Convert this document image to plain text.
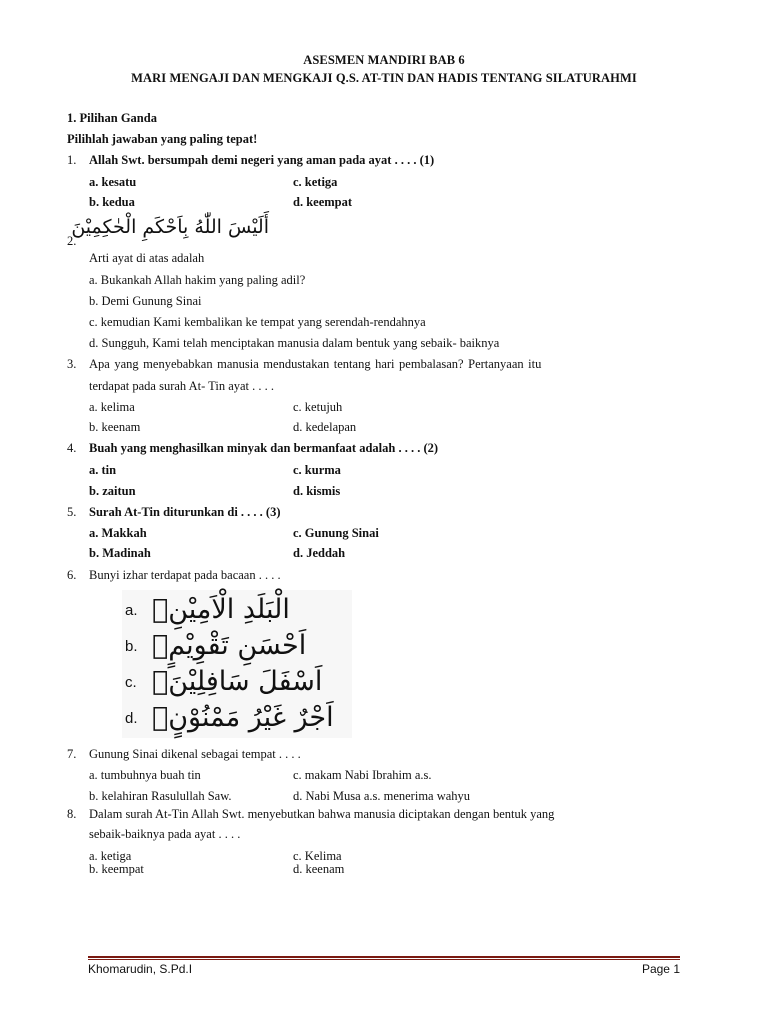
ASESMEN MANDIRI BAB 6
MARI MENGAJI DAN MENGKAJI Q.S. AT-TIN DAN HADIS TENTANG SILATURAHMI
1. Pilihan Ganda
Pilihlah jawaban yang paling tepat!
1. Allah Swt. bersumpah demi negeri yang aman pada ayat . . . . (1)
a. kesatu	c. ketiga
b. kedua	d. keempat
أَلَيْسَ اللّٰهُ بِاَحْكَمِ الْحٰكِمِيْنَ
2.
Arti ayat di atas adalah
a. Bukankah Allah hakim yang paling adil?
b. Demi Gunung Sinai
c. kemudian Kami kembalikan ke tempat yang serendah-rendahnya
d. Sungguh, Kami telah menciptakan manusia dalam bentuk yang sebaik- baiknya
3. Apa yang menyebabkan manusia mendustakan tentang hari pembalasan? Pertanyaan itu
terdapat pada surah At- Tin ayat . . . .
a. kelima	c. ketujuh
b. keenam	d. kedelapan
4. Buah yang menghasilkan minyak dan bermanfaat adalah . . . . (2)
a. tin	c. kurma
b. zaitun	d. kismis
5. Surah At-Tin diturunkan di . . . . (3)
a. Makkah	c. Gunung Sinai
b. Madinah	d. Jeddah
6. Bunyi izhar terdapat pada bacaan . . . .
a. الْبَلَدِ الْاَمِيْنِۙ
b. اَحْسَنِ تَقْوِيْمٍۖ
c. اَسْفَلَ سَافِلِيْنَۙ
d. اَجْرٌ غَيْرُ مَمْنُوْنٍۗ
7. Gunung Sinai dikenal sebagai tempat . . . .
a. tumbuhnya buah tin	c. makam Nabi Ibrahim a.s.
b. kelahiran Rasulullah Saw.	d. Nabi Musa a.s. menerima wahyu
8. Dalam surah At-Tin Allah Swt. menyebutkan bahwa manusia diciptakan dengan bentuk yang
sebaik-baiknya pada ayat . . . .
a. ketiga	c. Kelima
b. keempat	d. keenam
Khomarudin, S.Pd.I	Page 1
